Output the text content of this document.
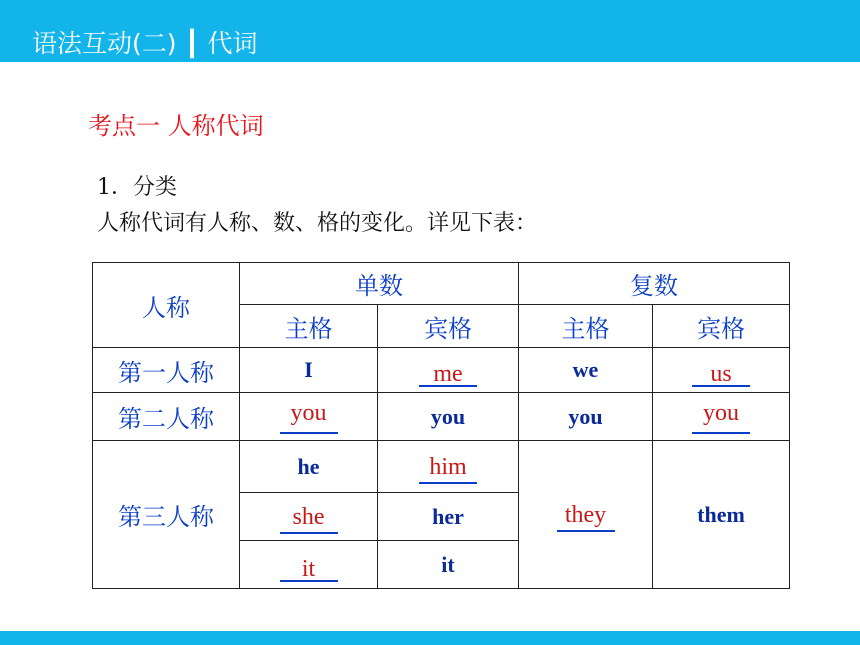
语法互动(二) ┃ 代词
考点一 人称代词
1．分类
人称代词有人称、数、格的变化。详见下表：
人称	单数		复数	
	主格	宾格	主格	宾格
第一人称	I	me	we	us

第二人称	you	you	you	you

第三人称	he	him	they	them

	she	her		

	it	it		
